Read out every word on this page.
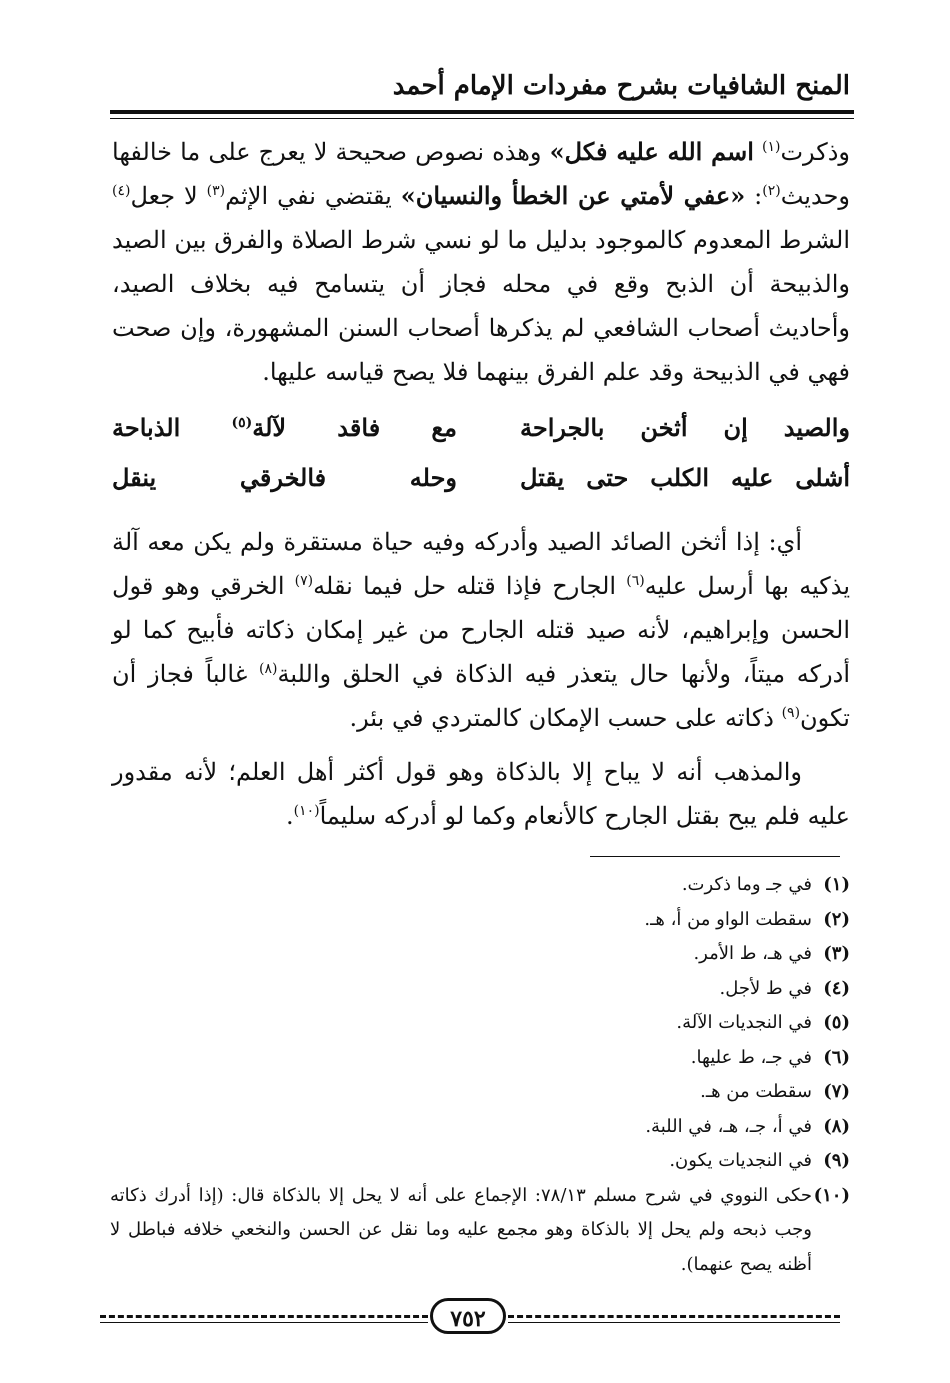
المنح الشافيات بشرح مفردات الإمام أحمد

وذكرت$^{(١)}$ اسم الله عليه فكل» وهذه نصوص صحيحة لا يعرج على ما خالفها وحديث$^{(٢)}$: «عفي لأمتي عن الخطأ والنسيان» يقتضي نفي الإثم$^{(٣)}$ لا جعل$^{(٤)}$ الشرط المعدوم كالموجود بدليل ما لو نسي شرط الصلاة والفرق بين الصيد والذبيحة أن الذبح وقع في محله فجاز أن يتسامح فيه بخلاف الصيد، وأحاديث أصحاب الشافعي لم يذكرها أصحاب السنن المشهورة، وإن صحت فهي في الذبيحة وقد علم الفرق بينهما فلا يصح قياسه عليها.

والصيد إن أثخن بالجراحة
مع فاقد لآلة$^{(٥)}$ الذباحة
أشلى عليه الكلب حتى يقتل
وحله فالخرقي ينقل

أي: إذا أثخن الصائد الصيد وأدركه وفيه حياة مستقرة ولم يكن معه آلة يذكيه بها أرسل عليه$^{(٦)}$ الجارح فإذا قتله حل فيما نقله$^{(٧)}$ الخرقي وهو قول الحسن وإبراهيم، لأنه صيد قتله الجارح من غير إمكان ذكاته فأبيح كما لو أدركه ميتاً، ولأنها حال يتعذر فيه الذكاة في الحلق واللبة$^{(٨)}$ غالباً فجاز أن تكون$^{(٩)}$ ذكاته على حسب الإمكان كالمتردي في بئر.

والمذهب أنه لا يباح إلا بالذكاة وهو قول أكثر أهل العلم؛ لأنه مقدور عليه فلم يبح بقتل الجارح كالأنعام وكما لو أدركه سليماً$^{(١٠)}$.

(١)
في جـ وما ذكرت.
(٢)
سقطت الواو من أ، هـ.
(٣)
في هـ، ط الأمر.
(٤)
في ط لأجل.
(٥)
في النجديات الآلة.
(٦)
في جـ، ط عليها.
(٧)
سقطت من هـ.
(٨)
في أ، جـ، هـ، في اللبة.
(٩)
في النجديات يكون.
(١٠)
حكى النووي في شرح مسلم ٧٨/١٣: الإجماع على أنه لا يحل إلا بالذكاة قال: (إذا أدرك ذكاته وجب ذبحه ولم يحل إلا بالذكاة وهو مجمع عليه وما نقل عن الحسن والنخعي خلافه فباطل لا أظنه يصح عنهما).
٧٥٢
